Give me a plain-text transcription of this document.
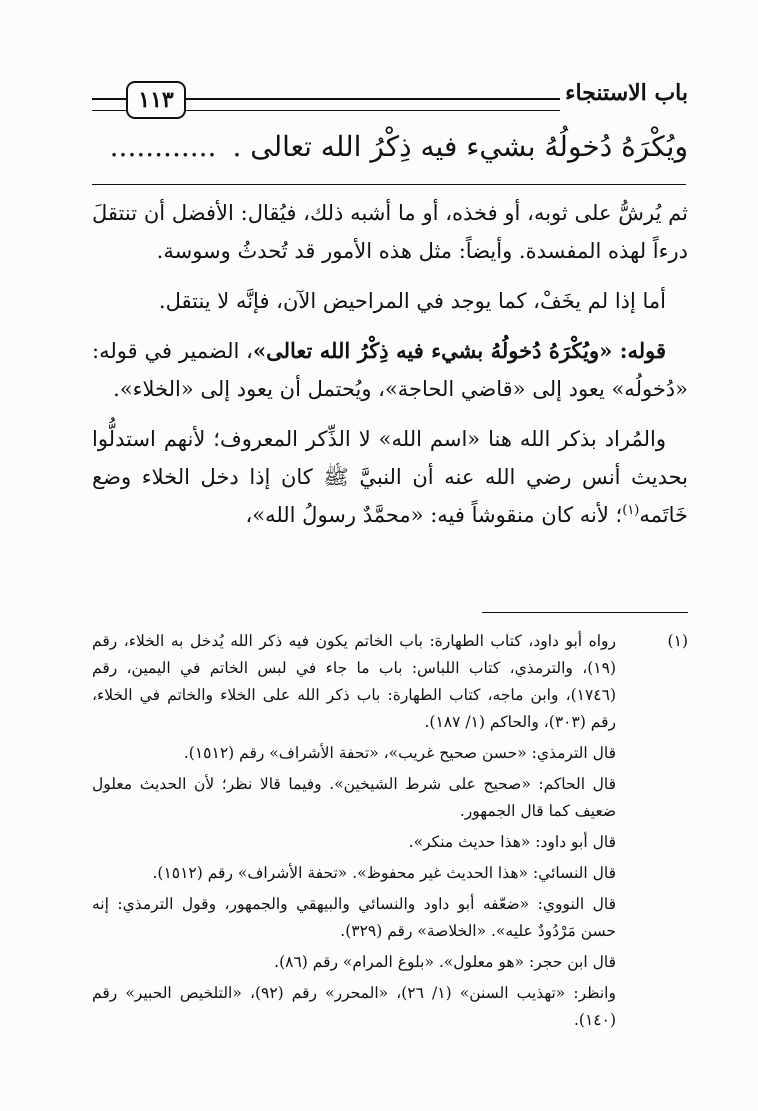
١١٣	باب الاستنجاء
ويُكْرَهُ دُخولُهُ بشيء فيه ذِكْرُ الله تعالى .............

ثم يُرشُّ على ثوبه، أو فخذه، أو ما أشبه ذلك، فيُقال: الأفضل أن تنتقلَ درءاً لهذه المفسدة. وأيضاً: مثل هذه الأمور قد تُحدثُ وسوسة.

أما إذا لم يخَفْ، كما يوجد في المراحيض الآن، فإنَّه لا ينتقل.

قوله: «ويُكْرَهُ دُخولُهُ بشيء فيه ذِكْرُ الله تعالى»، الضمير في قوله: «دُخولُه» يعود إلى «قاضي الحاجة»، ويُحتمل أن يعود إلى «الخلاء».

والمُراد بذكر الله هنا «اسم الله» لا الذِّكر المعروف؛ لأنهم استدلُّوا بحديث أنس رضي الله عنه أن النبيَّ ﷺ كان إذا دخل الخلاء وضع خَاتَمه$^{(١)}$؛ لأنه كان منقوشاً فيه: «محمَّدٌ رسولُ الله»،

(١)

رواه أبو داود، كتاب الطهارة: باب الخاتم يكون فيه ذكر الله يُدخل به الخلاء، رقم (١٩)، والترمذي، كتاب اللباس: باب ما جاء في لبس الخاتم في اليمين، رقم (١٧٤٦)، وابن ماجه، كتاب الطهارة: باب ذكر الله على الخلاء والخاتم في الخلاء، رقم (٣٠٣)، والحاكم (١/ ١٨٧).

قال الترمذي: «حسن صحيح غريب»، «تحفة الأشراف» رقم (١٥١٢).

قال الحاكم: «صحيح على شرط الشيخين». وفيما قالا نظر؛ لأن الحديث معلول ضعيف كما قال الجمهور.

قال أبو داود: «هذا حديث منكر».

قال النسائي: «هذا الحديث غير محفوظ». «تحفة الأشراف» رقم (١٥١٢).

قال النووي: «ضعّفه أبو داود والنسائي والبيهقي والجمهور، وقول الترمذي: إنه حسن مَرْدُودٌ عليه». «الخلاصة» رقم (٣٢٩).

قال ابن حجر: «هو معلول». «بلوغ المرام» رقم (٨٦).

وانظر: «تهذيب السنن» (١/ ٢٦)، «المحرر» رقم (٩٢)، «التلخيص الحبير» رقم (١٤٠).
